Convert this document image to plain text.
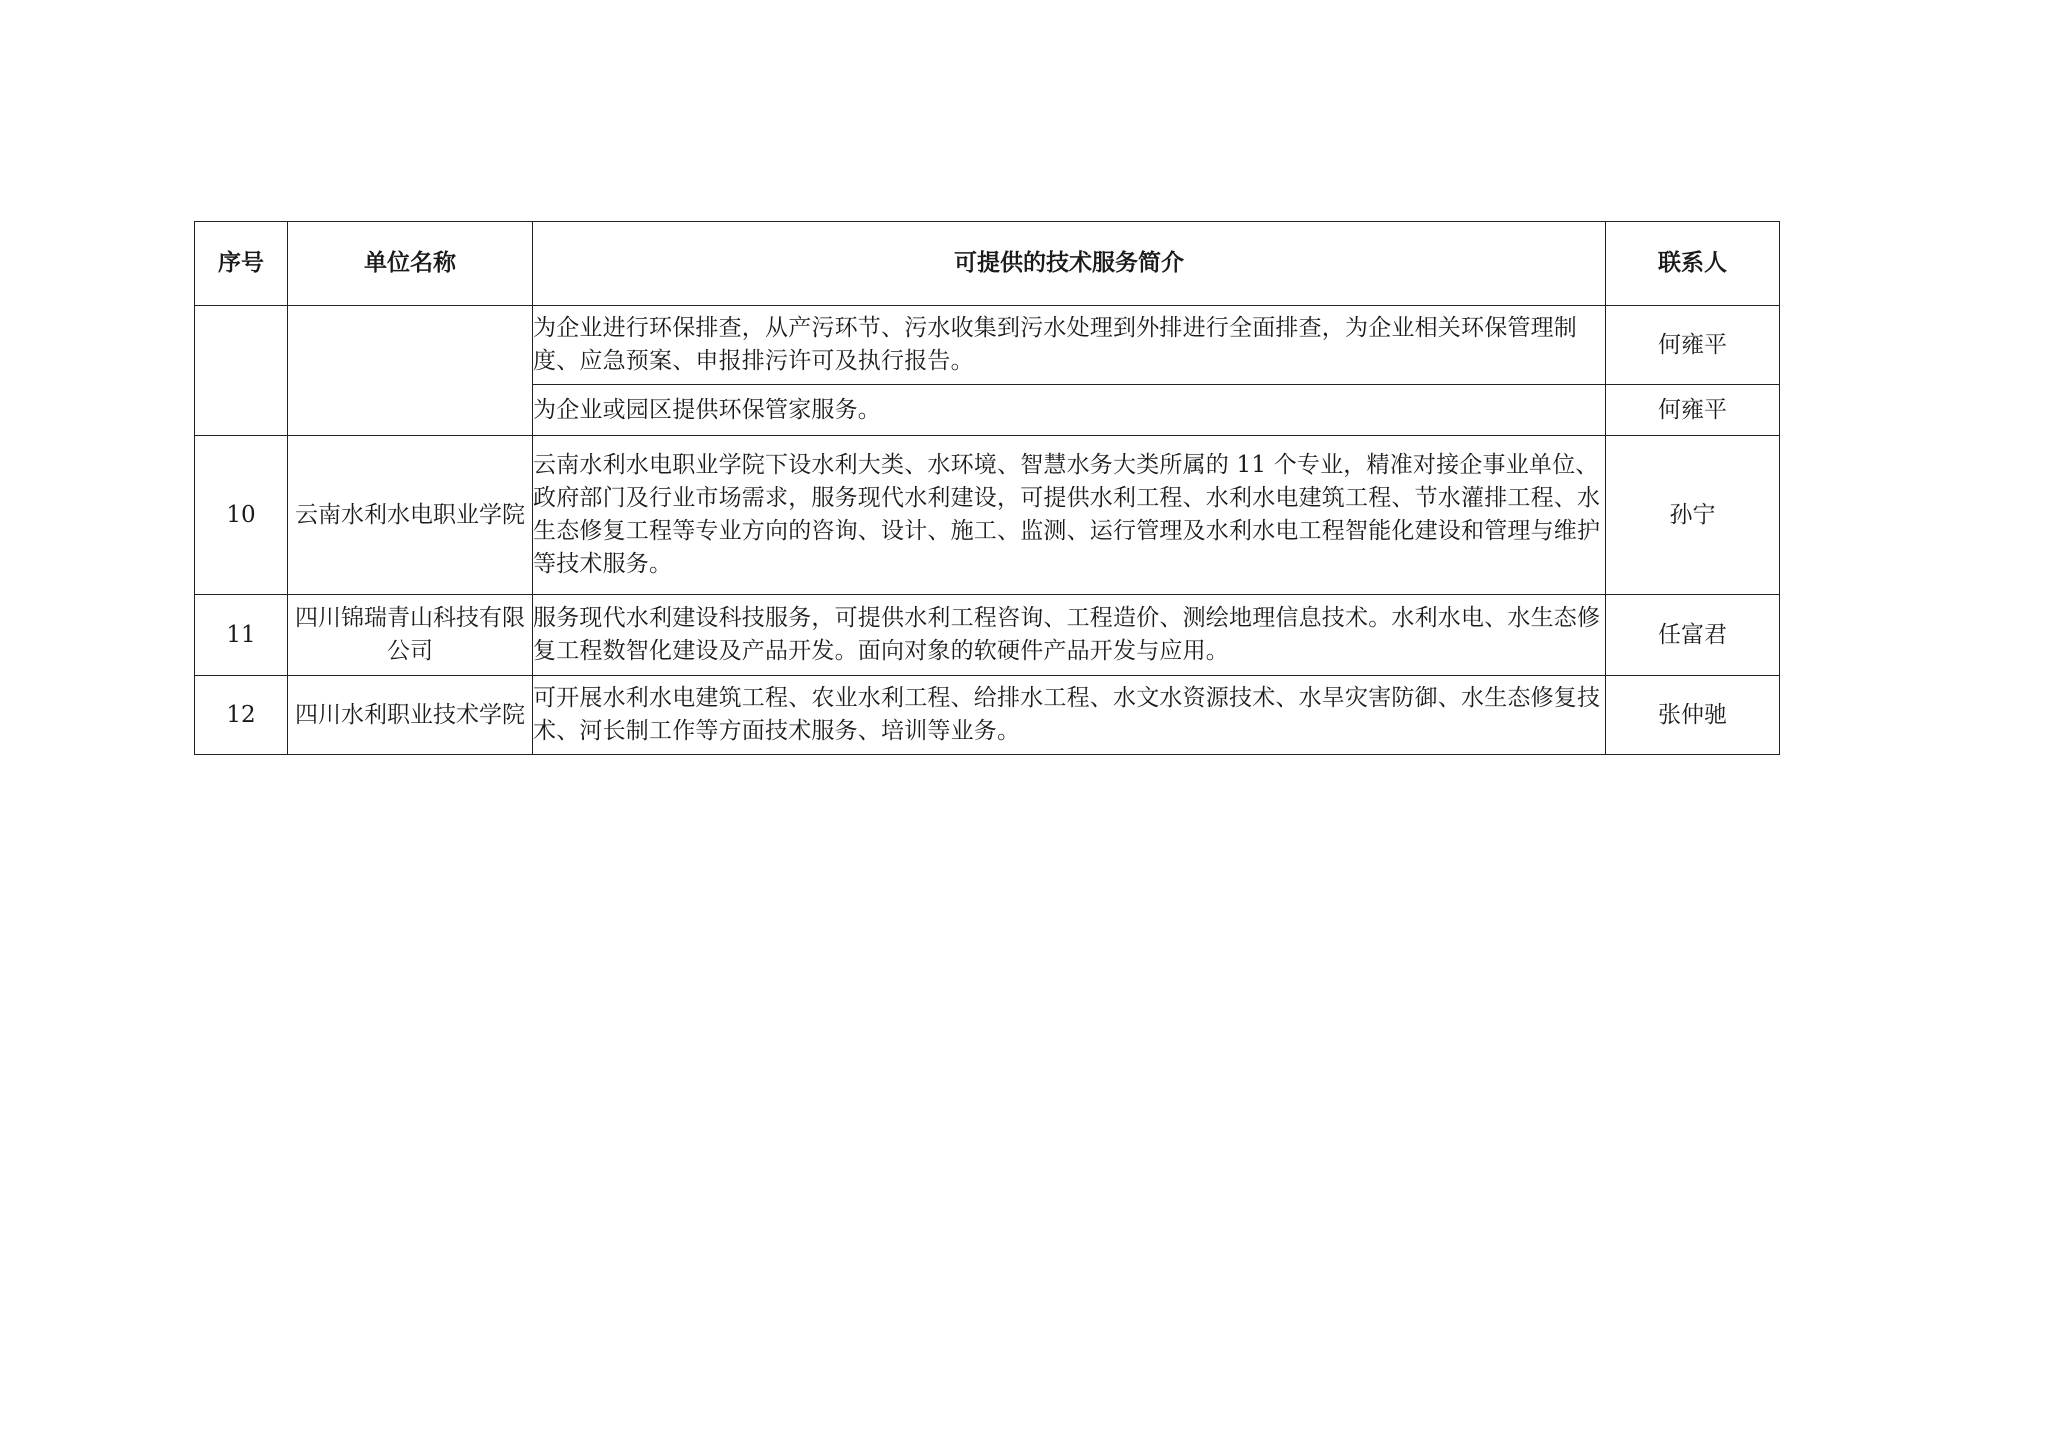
序号	单位名称	可提供的技术服务简介	联系人
		为企业进行环保排查，从产污环节、污水收集到污水处理到外排进行全面排查，为企业相关环保管理制度、应急预案、申报排污许可及执行报告。	何雍平
		为企业或园区提供环保管家服务。	何雍平
10	云南水利水电职业学院	云南水利水电职业学院下设水利大类、水环境、智慧水务大类所属的 11 个专业，精准对接企事业单位、政府部门及行业市场需求，服务现代水利建设，可提供水利工程、水利水电建筑工程、节水灌排工程、水生态修复工程等专业方向的咨询、设计、施工、监测、运行管理及水利水电工程智能化建设和管理与维护等技术服务。	孙宁
11	四川锦瑞青山科技有限公司	服务现代水利建设科技服务，可提供水利工程咨询、工程造价、测绘地理信息技术。水利水电、水生态修复工程数智化建设及产品开发。面向对象的软硬件产品开发与应用。	任富君
12	四川水利职业技术学院	可开展水利水电建筑工程、农业水利工程、给排水工程、水文水资源技术、水旱灾害防御、水生态修复技术、河长制工作等方面技术服务、培训等业务。	张仲驰
